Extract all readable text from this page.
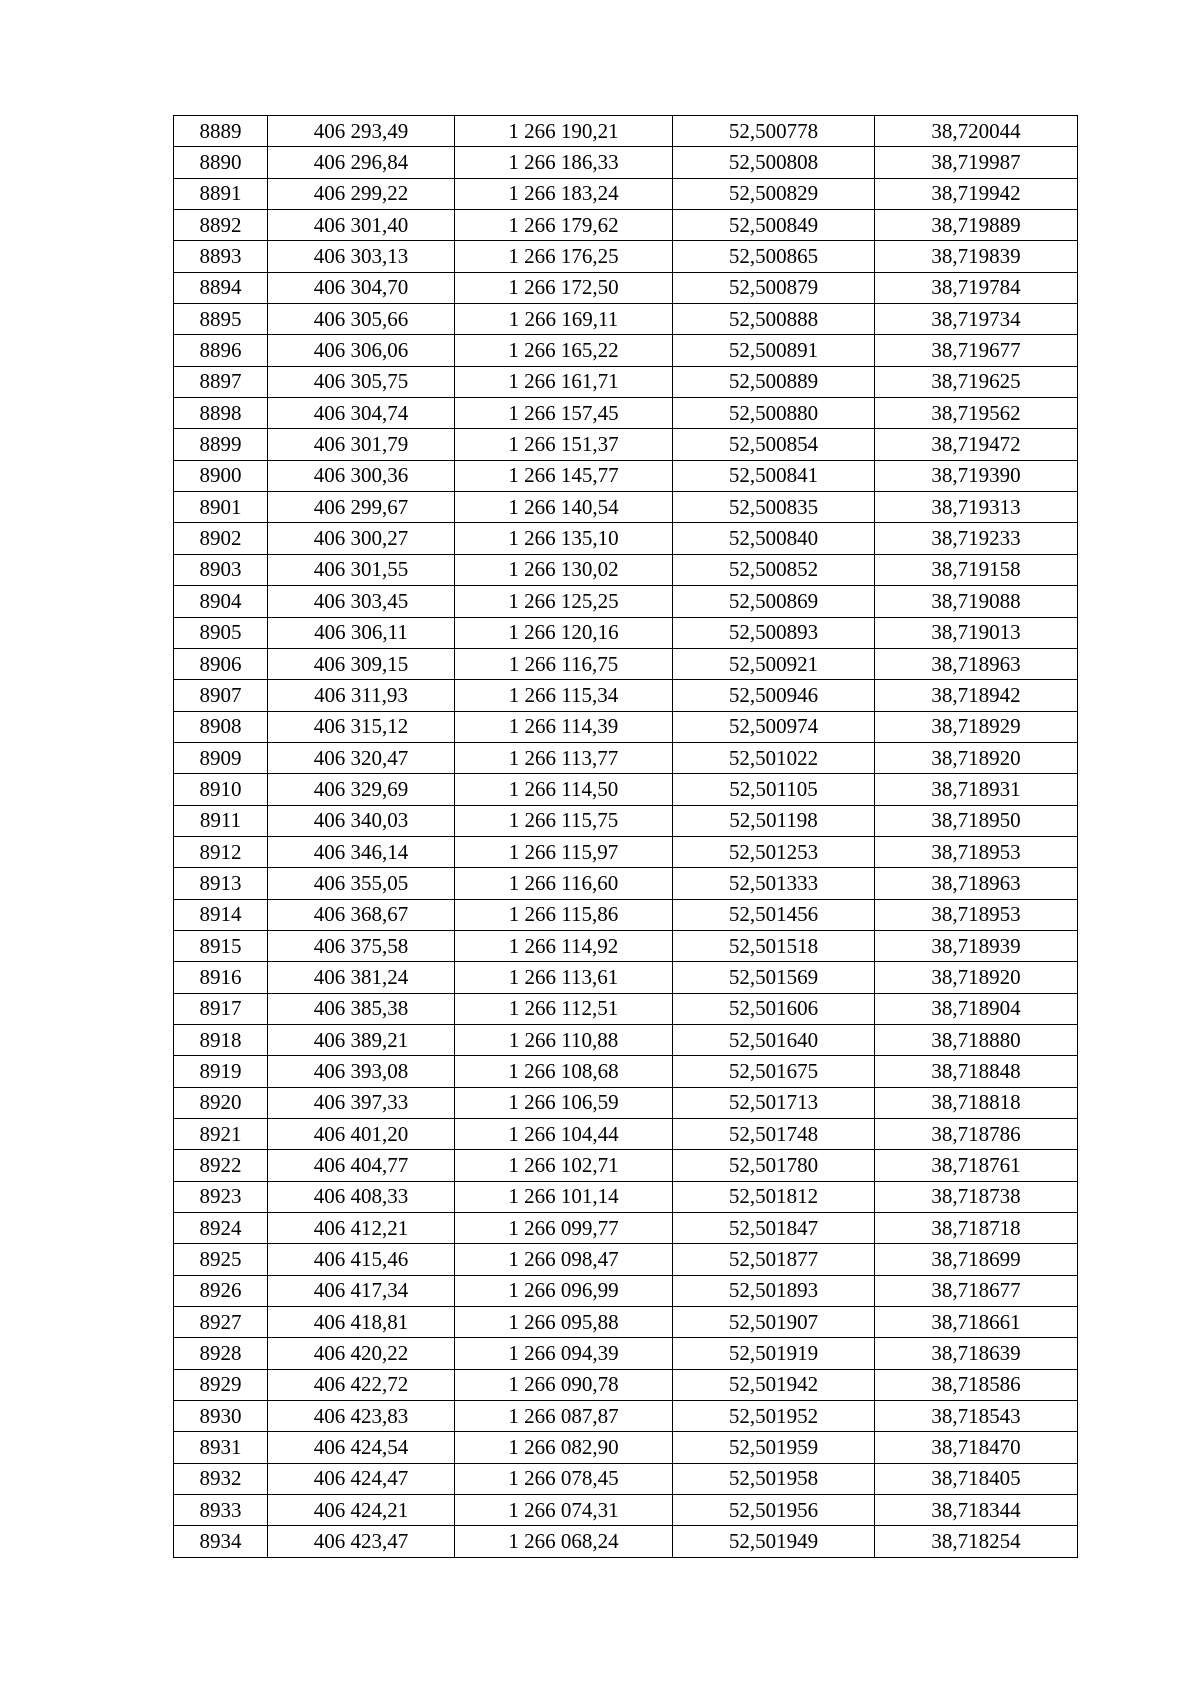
8889	406 293,49	1 266 190,21	52,500778	38,720044
8890	406 296,84	1 266 186,33	52,500808	38,719987
8891	406 299,22	1 266 183,24	52,500829	38,719942
8892	406 301,40	1 266 179,62	52,500849	38,719889
8893	406 303,13	1 266 176,25	52,500865	38,719839
8894	406 304,70	1 266 172,50	52,500879	38,719784
8895	406 305,66	1 266 169,11	52,500888	38,719734
8896	406 306,06	1 266 165,22	52,500891	38,719677
8897	406 305,75	1 266 161,71	52,500889	38,719625
8898	406 304,74	1 266 157,45	52,500880	38,719562
8899	406 301,79	1 266 151,37	52,500854	38,719472
8900	406 300,36	1 266 145,77	52,500841	38,719390
8901	406 299,67	1 266 140,54	52,500835	38,719313
8902	406 300,27	1 266 135,10	52,500840	38,719233
8903	406 301,55	1 266 130,02	52,500852	38,719158
8904	406 303,45	1 266 125,25	52,500869	38,719088
8905	406 306,11	1 266 120,16	52,500893	38,719013
8906	406 309,15	1 266 116,75	52,500921	38,718963
8907	406 311,93	1 266 115,34	52,500946	38,718942
8908	406 315,12	1 266 114,39	52,500974	38,718929
8909	406 320,47	1 266 113,77	52,501022	38,718920
8910	406 329,69	1 266 114,50	52,501105	38,718931
8911	406 340,03	1 266 115,75	52,501198	38,718950
8912	406 346,14	1 266 115,97	52,501253	38,718953
8913	406 355,05	1 266 116,60	52,501333	38,718963
8914	406 368,67	1 266 115,86	52,501456	38,718953
8915	406 375,58	1 266 114,92	52,501518	38,718939
8916	406 381,24	1 266 113,61	52,501569	38,718920
8917	406 385,38	1 266 112,51	52,501606	38,718904
8918	406 389,21	1 266 110,88	52,501640	38,718880
8919	406 393,08	1 266 108,68	52,501675	38,718848
8920	406 397,33	1 266 106,59	52,501713	38,718818
8921	406 401,20	1 266 104,44	52,501748	38,718786
8922	406 404,77	1 266 102,71	52,501780	38,718761
8923	406 408,33	1 266 101,14	52,501812	38,718738
8924	406 412,21	1 266 099,77	52,501847	38,718718
8925	406 415,46	1 266 098,47	52,501877	38,718699
8926	406 417,34	1 266 096,99	52,501893	38,718677
8927	406 418,81	1 266 095,88	52,501907	38,718661
8928	406 420,22	1 266 094,39	52,501919	38,718639
8929	406 422,72	1 266 090,78	52,501942	38,718586
8930	406 423,83	1 266 087,87	52,501952	38,718543
8931	406 424,54	1 266 082,90	52,501959	38,718470
8932	406 424,47	1 266 078,45	52,501958	38,718405
8933	406 424,21	1 266 074,31	52,501956	38,718344
8934	406 423,47	1 266 068,24	52,501949	38,718254
